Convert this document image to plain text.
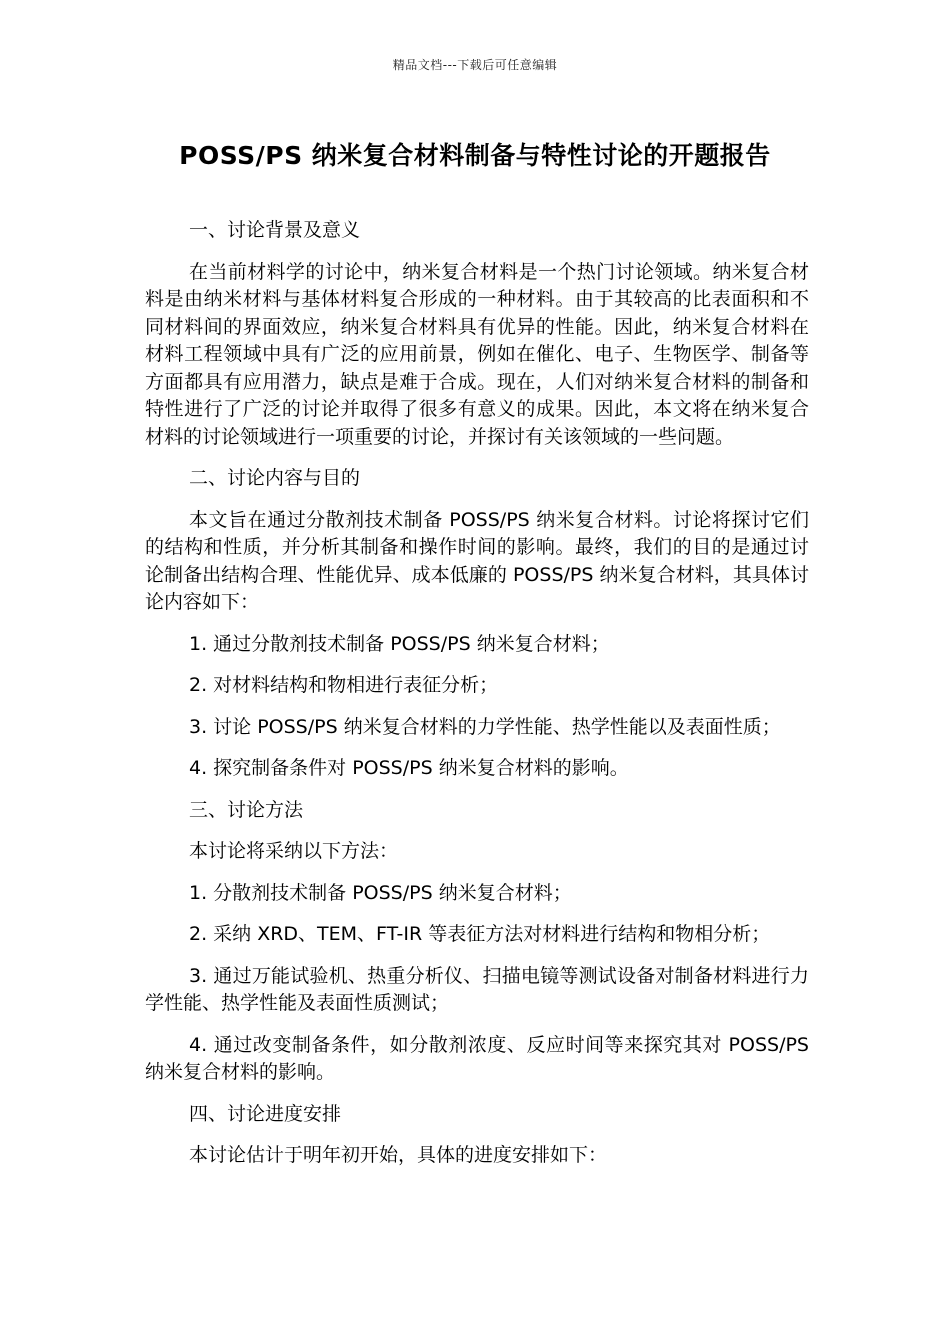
精品文档---下载后可任意编辑
POSS/PS 纳米复合材料制备与特性讨论的开题报告

一、讨论背景及意义

在当前材料学的讨论中，纳米复合材料是一个热门讨论领域。纳米复合材料是由纳米材料与基体材料复合形成的一种材料。由于其较高的比表面积和不同材料间的界面效应，纳米复合材料具有优异的性能。因此，纳米复合材料在材料工程领域中具有广泛的应用前景，例如在催化、电子、生物医学、制备等方面都具有应用潜力，缺点是难于合成。现在，人们对纳米复合材料的制备和特性进行了广泛的讨论并取得了很多有意义的成果。因此，本文将在纳米复合材料的讨论领域进行一项重要的讨论，并探讨有关该领域的一些问题。

二、讨论内容与目的

本文旨在通过分散剂技术制备 POSS/PS 纳米复合材料。讨论将探讨它们的结构和性质，并分析其制备和操作时间的影响。最终，我们的目的是通过讨论制备出结构合理、性能优异、成本低廉的 POSS/PS 纳米复合材料，其具体讨论内容如下：

1. 通过分散剂技术制备 POSS/PS 纳米复合材料；

2. 对材料结构和物相进行表征分析；

3. 讨论 POSS/PS 纳米复合材料的力学性能、热学性能以及表面性质；

4. 探究制备条件对 POSS/PS 纳米复合材料的影响。

三、讨论方法

本讨论将采纳以下方法：

1. 分散剂技术制备 POSS/PS 纳米复合材料；

2. 采纳 XRD、TEM、FT-IR 等表征方法对材料进行结构和物相分析；

3. 通过万能试验机、热重分析仪、扫描电镜等测试设备对制备材料进行力学性能、热学性能及表面性质测试；

4. 通过改变制备条件，如分散剂浓度、反应时间等来探究其对 POSS/PS 纳米复合材料的影响。

四、讨论进度安排

本讨论估计于明年初开始，具体的进度安排如下：
